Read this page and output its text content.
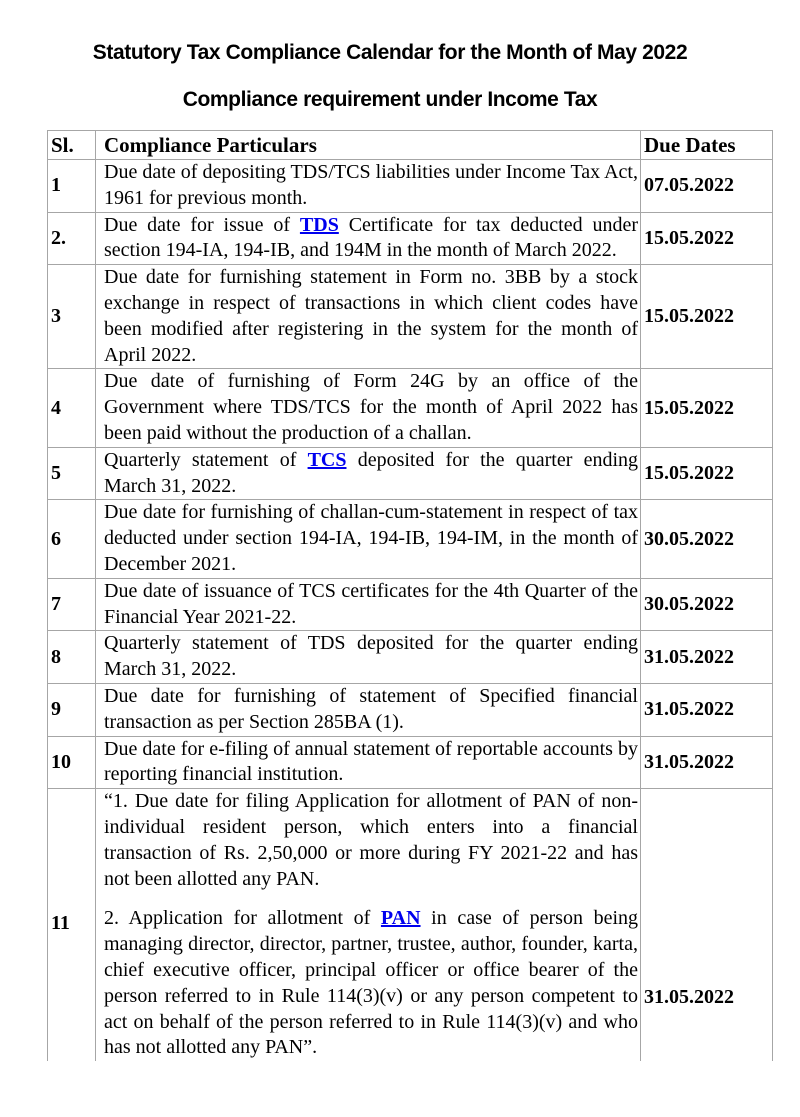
Statutory Tax Compliance Calendar for the Month of May 2022
Compliance requirement under Income Tax
Sl.	Compliance Particulars	Due Dates
1	Due date of depositing TDS/TCS liabilities under Income Tax Act, 1961 for previous month.	07.05.2022
2.	Due date for issue of TDS Certificate for tax deducted under section 194-IA, 194-IB, and 194M in the month of March 2022.	15.05.2022
3	Due date for furnishing statement in Form no. 3BB by a stock exchange in respect of transactions in which client codes have been modified after registering in the system for the month of April 2022.	15.05.2022
4	Due date of furnishing of Form 24G by an office of the Government where TDS/TCS for the month of April 2022 has been paid without the production of a challan.	15.05.2022
5	Quarterly statement of TCS deposited for the quarter ending March 31, 2022.	15.05.2022
6	Due date for furnishing of challan-cum-statement in respect of tax deducted under section 194-IA, 194-IB, 194-IM, in the month of December 2021.	30.05.2022
7	Due date of issuance of TCS certificates for the 4th Quarter of the Financial Year 2021-22.	30.05.2022
8	Quarterly statement of TDS deposited for the quarter ending March 31, 2022.	31.05.2022
9	Due date for furnishing of statement of Specified financial transaction as per Section 285BA (1).	31.05.2022
10	Due date for e-filing of annual statement of reportable accounts by reporting financial institution.	31.05.2022
11	“1. Due date for filing Application for allotment of PAN of non-individual resident person, which enters into a financial transaction of Rs. 2,50,000 or more during FY 2021-22 and has not been allotted any PAN.

2. Application for allotment of PAN in case of person being managing director, director, partner, trustee, author, founder, karta, chief executive officer, principal officer or office bearer of the person referred to in Rule 114(3)(v) or any person competent to act on behalf of the person referred to in Rule 114(3)(v) and who has not allotted any PAN”.	31.05.2022
